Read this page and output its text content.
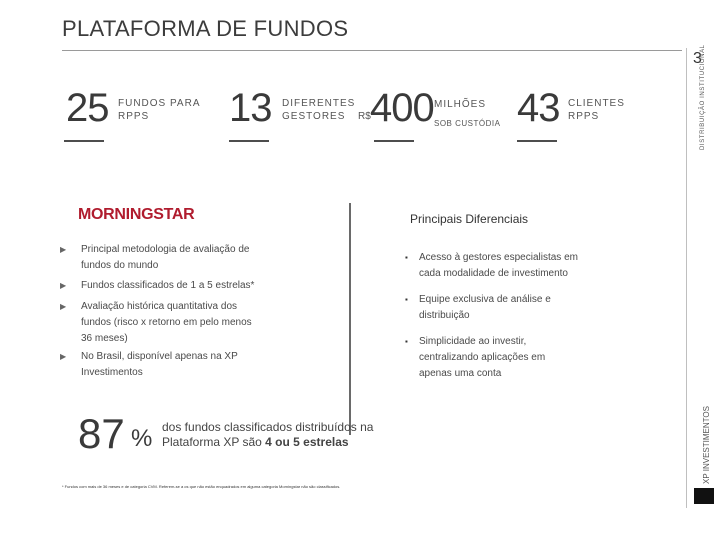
PLATAFORMA DE FUNDOS
3
DISTRIBUIÇÃO INSTITUCIONAL
25 FUNDOS PARA
RPPS	13 DIFERENTES
GESTORES	R$ 400 MILHÕES
SOB CUSTÓDIA 43 CLIENTES
RPPS
MORNINGSTAR
▶ Principal metodologia de avaliação de
fundos do mundo
▶ Fundos classificados de 1 a 5 estrelas*
▶ Avaliação histórica quantitativa dos
fundos (risco x retorno em pelo menos
36 meses)
▶ No Brasil, disponível apenas na XP
Investimentos
Principais Diferenciais
▪ Acesso à gestores especialistas em
cada modalidade de investimento
▪ Equipe exclusiva de análise e
distribuição
▪ Simplicidade ao investir,
centralizando aplicações em
apenas uma conta
87 % dos fundos classificados distribuídos na
Plataforma XP são 4 ou 5 estrelas
* Fundos com mais de 36 meses e de categoria CVM. Referem-se a os que não estão enquadrados em alguma categoria Morningstar não são classificados.
XP INVESTIMENTOS
